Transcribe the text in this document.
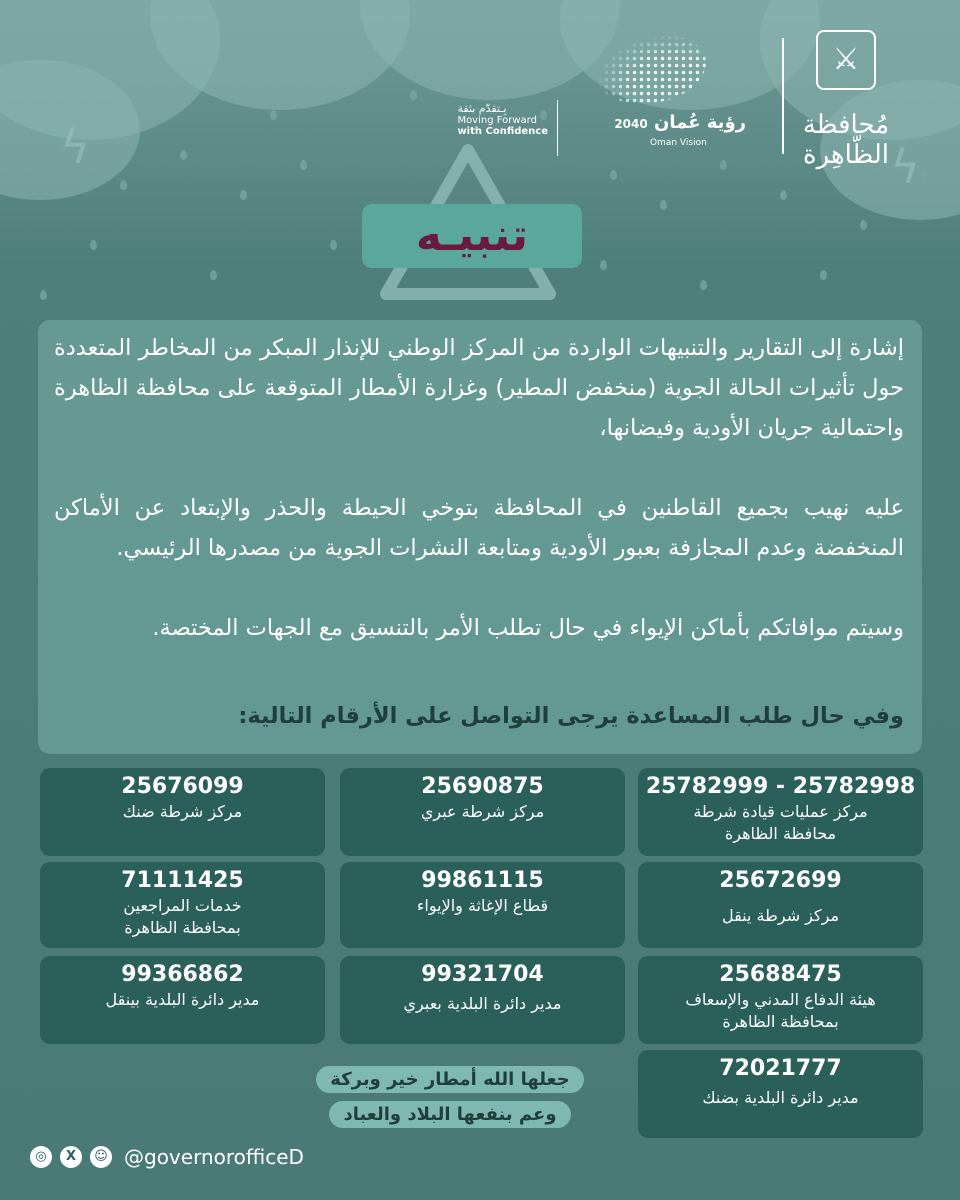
ϟ	ϟ
⚔
مُحافظة الظّاهِرة
رؤية عُمان 2040
Oman Vision
بِـتقدّم بثقة
Moving Forward
with Confidence
تنبيـه
إشارة إلى التقارير والتنبيهات الواردة من المركز الوطني للإنذار المبكر من المخاطر المتعددة حول تأثيرات الحالة الجوية (منخفض المطير) وغزارة الأمطار المتوقعة على محافظة الظاهرة واحتمالية جريان الأودية وفيضانها،
عليه نهيب بجميع القاطنين في المحافظة بتوخي الحيطة والحذر والإبتعاد عن الأماكن المنخفضة وعدم المجازفة بعبور الأودية ومتابعة النشرات الجوية من مصدرها الرئيسي.
وسيتم موافاتكم بأماكن الإيواء في حال تطلب الأمر بالتنسيق مع الجهات المختصة.
وفي حال طلب المساعدة يرجى التواصل على الأرقام التالية:
25782999 - 25782998
مركز عمليات قيادة شرطة محافظة الظاهرة
25690875
مركز شرطة عبري
25676099
مركز شرطة ضنك
25672699
مركز شرطة ينقل
99861115
قطاع الإغاثة والإيواء
71111425
خدمات المراجعين بمحافظة الظاهرة
25688475
هيئة الدفاع المدني والإسعاف بمحافظة الظاهرة
99321704
مدير دائرة البلدية بعبري
99366862
مدير دائرة البلدية بينقل
72021777
مدير دائرة البلدية بضنك
جعلها الله أمطار خير وبركة
وعم بنفعها البلاد والعباد
◎	X	☺ @governorofficeD
